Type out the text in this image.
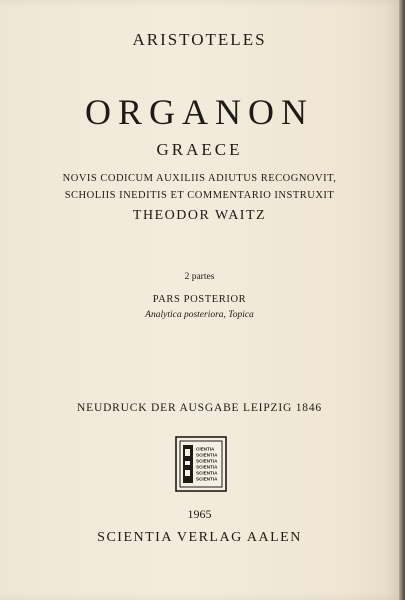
ARISTOTELES
ORGANON
GRAECE
NOVIS CODICUM AUXILIIS ADIUTUS RECOGNOVIT,
SCHOLIIS INEDITIS ET COMMENTARIO INSTRUXIT
THEODOR WAITZ
2 partes
PARS POSTERIOR
Analytica posteriora, Topica
NEUDRUCK DER AUSGABE LEIPZIG 1846
CIENTIA
SCIENTIA
SCIENTIA
SCIENTIA
SCIENTIA
SCIENTIA
1965
SCIENTIA VERLAG AALEN
